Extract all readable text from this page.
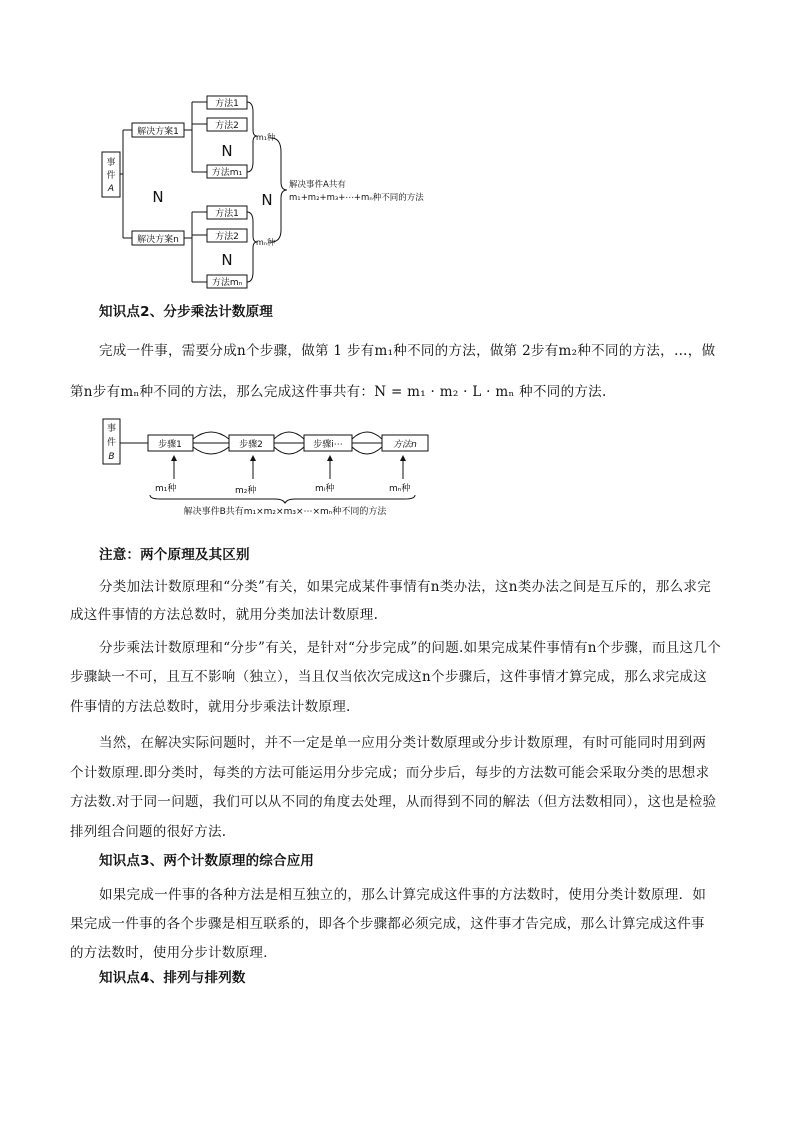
事
件
A
解决方案1
解决方案n
N
方法1
方法2
N
方法m₁
m₁种
方法1
方法2
N
方法mₙ
mₙ种
N
解决事件A共有
m₁+m₂+m₃+⋯+mₙ种不同的方法
知识点2、分步乘法计数原理
完成一件事，需要分成n个步骤，做第 1 步有m₁种不同的方法，做第 2步有m₂种不同的方法，…，做
第n步有mₙ种不同的方法，那么完成这件事共有：N = m₁ · m₂ · L · mₙ 种不同的方法.
事
件
B
步骤1	步骤2	步骤i⋯	方法n
m₁种	m₂种	mᵢ种	mₙ种
解决事件B共有m₁×m₂×m₃×⋯×mₙ种不同的方法
注意：两个原理及其区别
分类加法计数原理和“分类”有关，如果完成某件事情有n类办法，这n类办法之间是互斥的，那么求完
成这件事情的方法总数时，就用分类加法计数原理.
分步乘法计数原理和“分步”有关，是针对“分步完成”的问题.如果完成某件事情有n个步骤，而且这几个
步骤缺一不可，且互不影响（独立），当且仅当依次完成这n个步骤后，这件事情才算完成，那么求完成这
件事情的方法总数时，就用分步乘法计数原理.
当然，在解决实际问题时，并不一定是单一应用分类计数原理或分步计数原理，有时可能同时用到两
个计数原理.即分类时，每类的方法可能运用分步完成；而分步后，每步的方法数可能会采取分类的思想求
方法数.对于同一问题，我们可以从不同的角度去处理，从而得到不同的解法（但方法数相同），这也是检验
排列组合问题的很好方法.
知识点3、两个计数原理的综合应用
如果完成一件事的各种方法是相互独立的，那么计算完成这件事的方法数时，使用分类计数原理．如
果完成一件事的各个步骤是相互联系的，即各个步骤都必须完成，这件事才告完成，那么计算完成这件事
的方法数时，使用分步计数原理．
知识点4、排列与排列数
